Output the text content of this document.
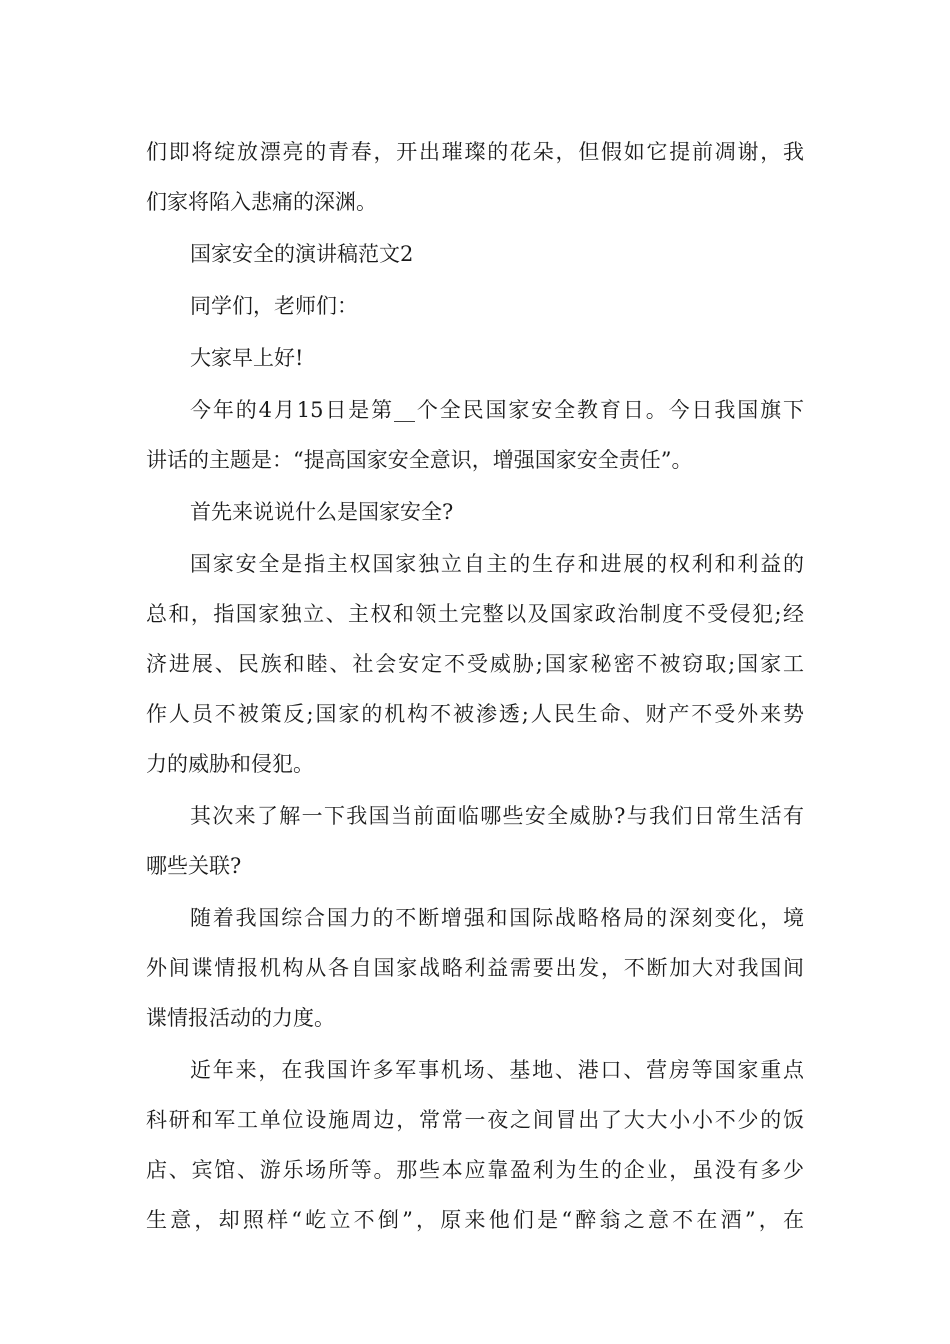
们即将绽放漂亮的青春，开出璀璨的花朵，但假如它提前凋谢，我

们家将陷入悲痛的深渊。

国家安全的演讲稿范文2

同学们，老师们：

大家早上好!

今年的4月15日是第__个全民国家安全教育日。今日我国旗下

讲话的主题是：“提高国家安全意识，增强国家安全责任”。

首先来说说什么是国家安全?

国家安全是指主权国家独立自主的生存和进展的权利和利益的

总和，指国家独立、主权和领土完整以及国家政治制度不受侵犯;经

济进展、民族和睦、社会安定不受威胁;国家秘密不被窃取;国家工

作人员不被策反;国家的机构不被渗透;人民生命、财产不受外来势

力的威胁和侵犯。

其次来了解一下我国当前面临哪些安全威胁?与我们日常生活有

哪些关联?

随着我国综合国力的不断增强和国际战略格局的深刻变化，境

外间谍情报机构从各自国家战略利益需要出发，不断加大对我国间

谍情报活动的力度。

近年来，在我国许多军事机场、基地、港口、营房等国家重点

科研和军工单位设施周边，常常一夜之间冒出了大大小小不少的饭

店、宾馆、游乐场所等。那些本应靠盈利为生的企业，虽没有多少

生意，却照样“屹立不倒”，原来他们是“醉翁之意不在酒”，在
